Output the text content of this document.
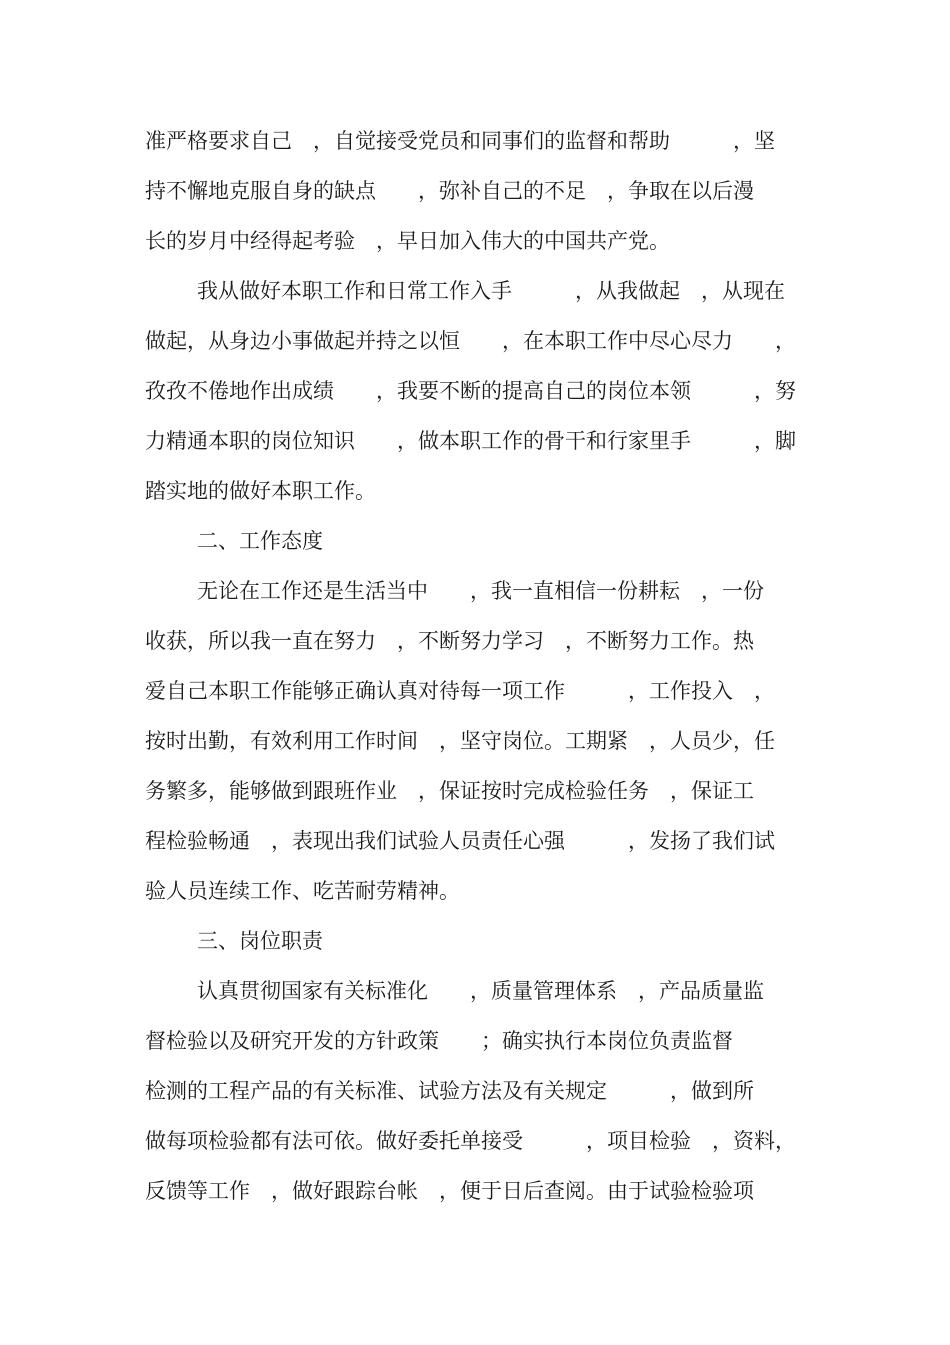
准严格要求自己　，自觉接受党员和同事们的监督和帮助　　　，坚
持不懈地克服自身的缺点　　，弥补自己的不足　，争取在以后漫
长的岁月中经得起考验　，早日加入伟大的中国共产党。
我从做好本职工作和日常工作入手　　　，从我做起　，从现在
做起，从身边小事做起并持之以恒　　，在本职工作中尽心尽力　　，
孜孜不倦地作出成绩　　，我要不断的提高自己的岗位本领　　　，努
力精通本职的岗位知识　　，做本职工作的骨干和行家里手　　　，脚
踏实地的做好本职工作。
二、工作态度
无论在工作还是生活当中　　，我一直相信一份耕耘　，一份
收获，所以我一直在努力　，不断努力学习　，不断努力工作。热
爱自己本职工作能够正确认真对待每一项工作　　　，工作投入　，
按时出勤，有效利用工作时间　，坚守岗位。工期紧　，人员少，任
务繁多，能够做到跟班作业　，保证按时完成检验任务　，保证工
程检验畅通　，表现出我们试验人员责任心强　　　，发扬了我们试
验人员连续工作、吃苦耐劳精神。
三、岗位职责
认真贯彻国家有关标准化　　，质量管理体系　，产品质量监
督检验以及研究开发的方针政策　　；确实执行本岗位负责监督
检测的工程产品的有关标准、试验方法及有关规定　　　，做到所
做每项检验都有法可依。做好委托单接受　　　，项目检验　，资料，
反馈等工作　，做好跟踪台帐　，便于日后查阅。由于试验检验项
